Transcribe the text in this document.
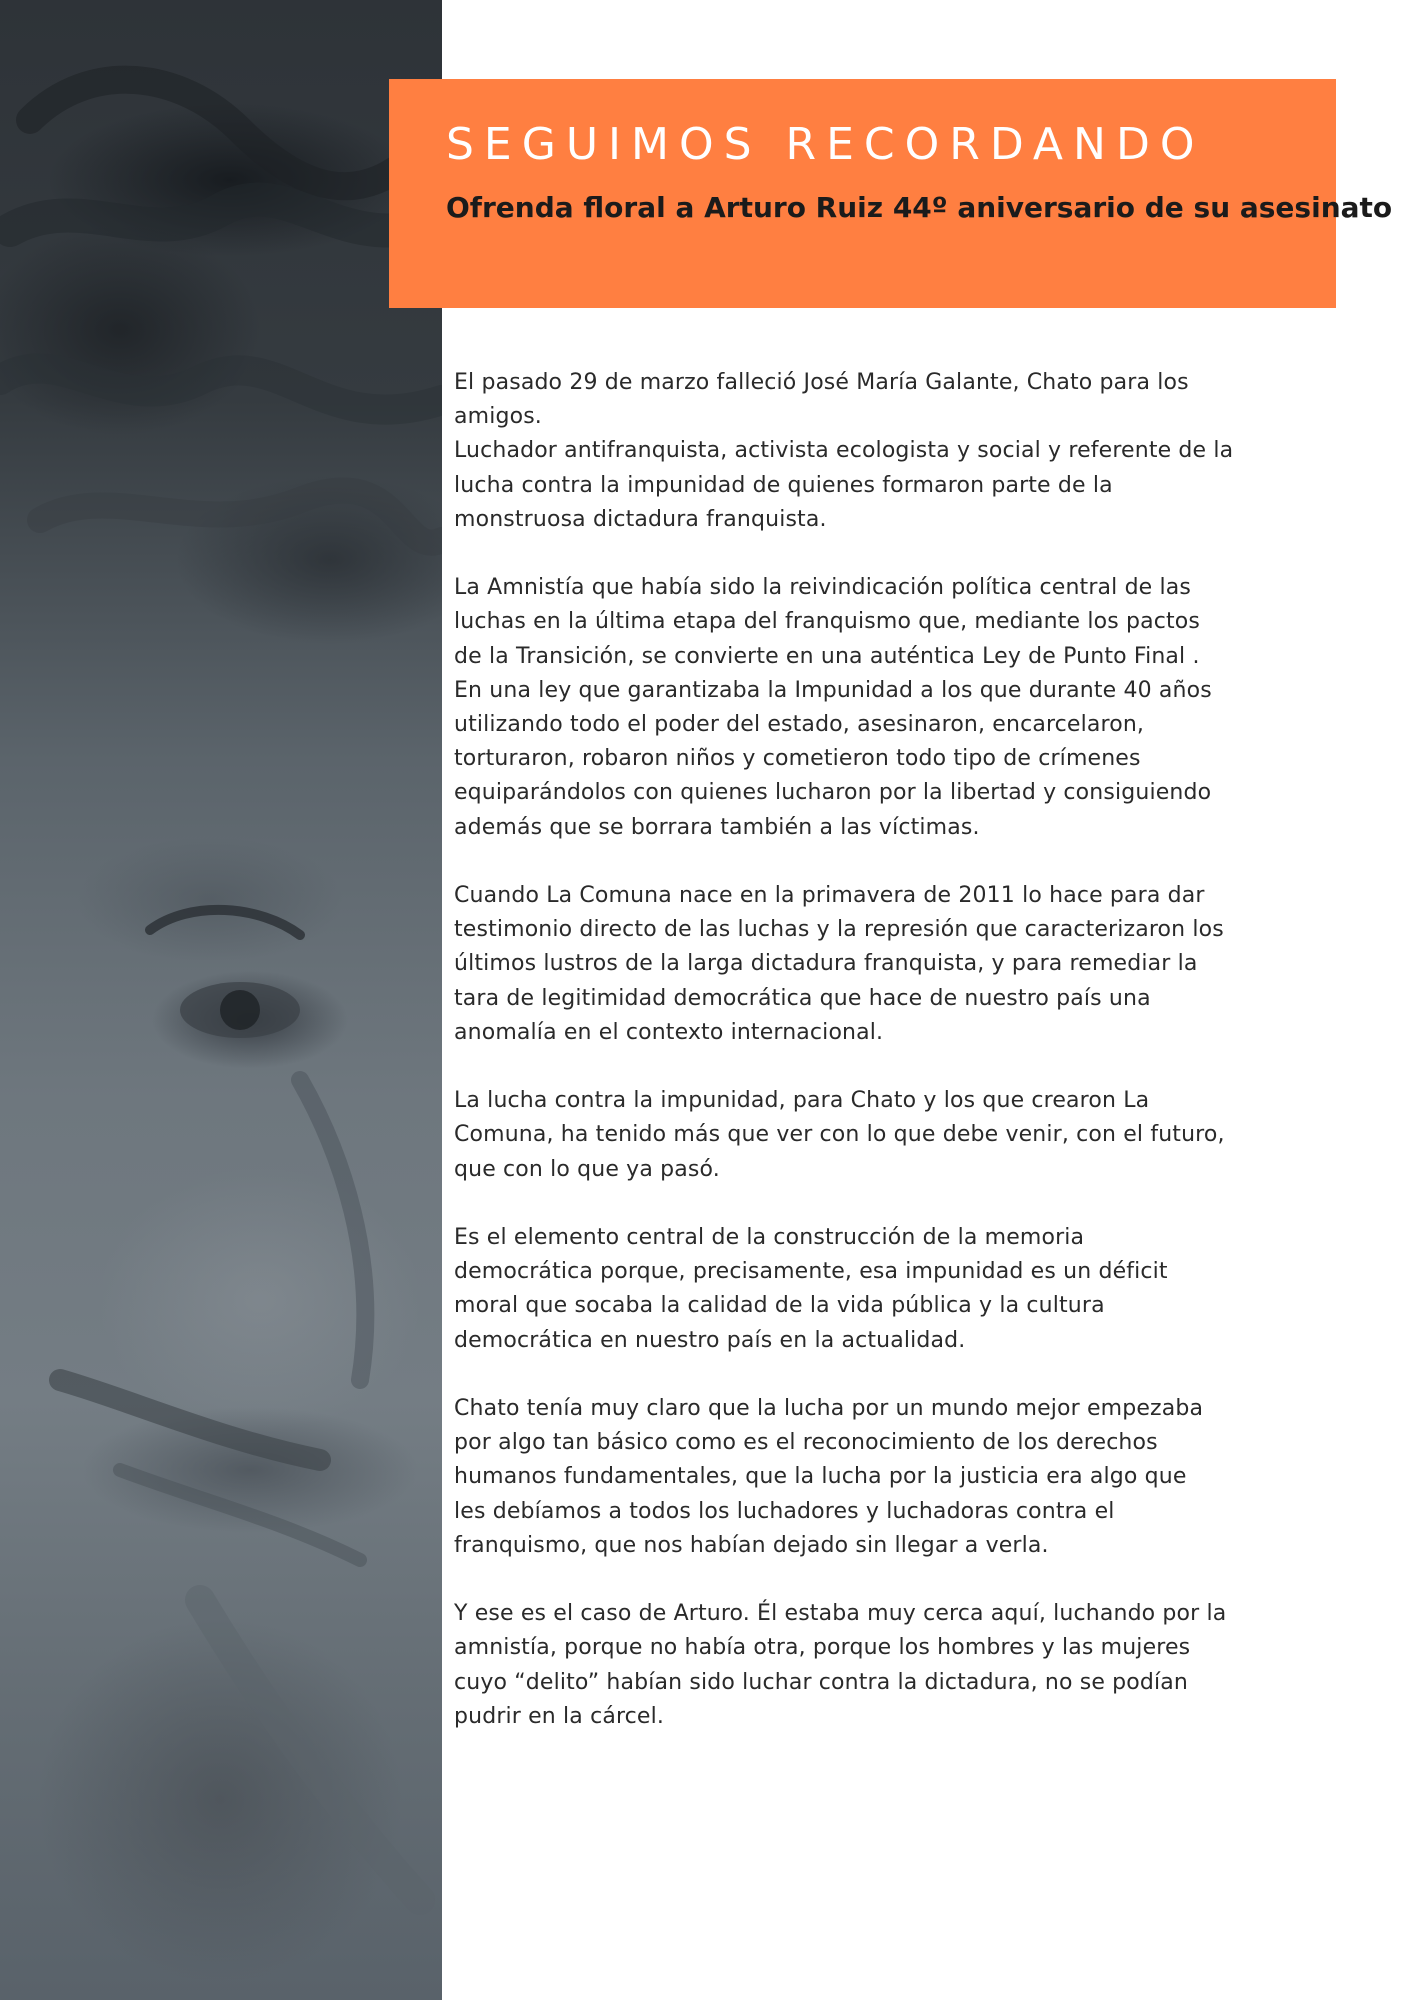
SEGUIMOS RECORDANDO

Ofrenda floral a Arturo Ruiz 44º aniversario de su asesinato

El pasado 29 de marzo falleció José María Galante, Chato para los
amigos.
Luchador antifranquista, activista ecologista y social y referente de la
lucha contra la impunidad de quienes formaron parte de la
monstruosa dictadura franquista.

La Amnistía que había sido la reivindicación política central de las
luchas en la última etapa del franquismo que, mediante los pactos
de la Transición, se convierte en una auténtica Ley de Punto Final .
En una ley que garantizaba la Impunidad a los que durante 40 años
utilizando todo el poder del estado, asesinaron, encarcelaron,
torturaron, robaron niños y cometieron todo tipo de crímenes
equiparándolos con quienes lucharon por la libertad y consiguiendo
además que se borrara también a las víctimas.

Cuando La Comuna nace en la primavera de 2011 lo hace para dar
testimonio directo de las luchas y la represión que caracterizaron los
últimos lustros de la larga dictadura franquista, y para remediar la
tara de legitimidad democrática que hace de nuestro país una
anomalía en el contexto internacional.

La lucha contra la impunidad, para Chato y los que crearon La
Comuna, ha tenido más que ver con lo que debe venir, con el futuro,
que con lo que ya pasó.

Es el elemento central de la construcción de la memoria
democrática porque, precisamente, esa impunidad es un déficit
moral que socaba la calidad de la vida pública y la cultura
democrática en nuestro país en la actualidad.

Chato tenía muy claro que la lucha por un mundo mejor empezaba
por algo tan básico como es el reconocimiento de los derechos
humanos fundamentales, que la lucha por la justicia era algo que
les debíamos a todos los luchadores y luchadoras contra el
franquismo, que nos habían dejado sin llegar a verla.

Y ese es el caso de Arturo. Él estaba muy cerca aquí, luchando por la
amnistía, porque no había otra, porque los hombres y las mujeres
cuyo “delito” habían sido luchar contra la dictadura, no se podían
pudrir en la cárcel.
